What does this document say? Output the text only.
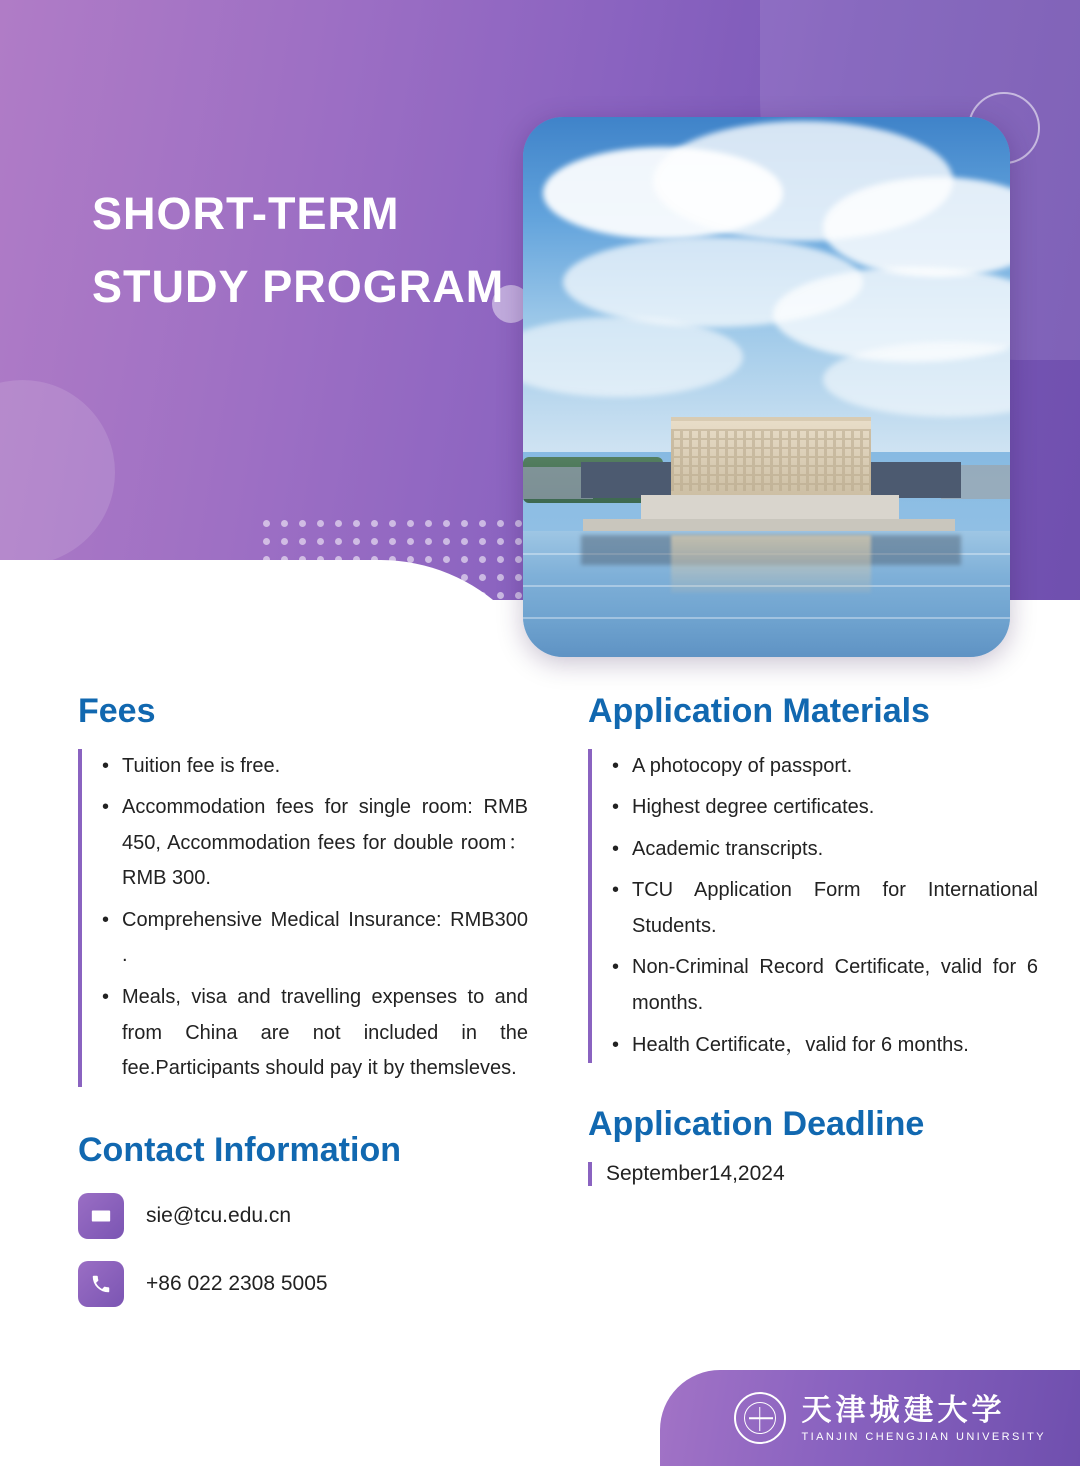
SHORT-TERM STUDY PROGRAM
Fees
• Tuition fee is free.
• Accommodation fees for single room: RMB 450, Accommodation fees for double room：RMB 300.
• Comprehensive Medical Insurance: RMB300 .
• Meals, visa and travelling expenses to and from China are not included in the fee.Participants should pay it by themsleves.
Contact Information
sie@tcu.edu.cn
+86 022 2308 5005
Application Materials
• A photocopy of passport.
• Highest degree certificates.
• Academic transcripts.
• TCU Application Form for International Students.
• Non-Criminal Record Certificate, valid for 6 months.
• Health Certificate，valid for 6 months.
Application Deadline
September14,2024
天津城建大学
TIANJIN CHENGJIAN UNIVERSITY
